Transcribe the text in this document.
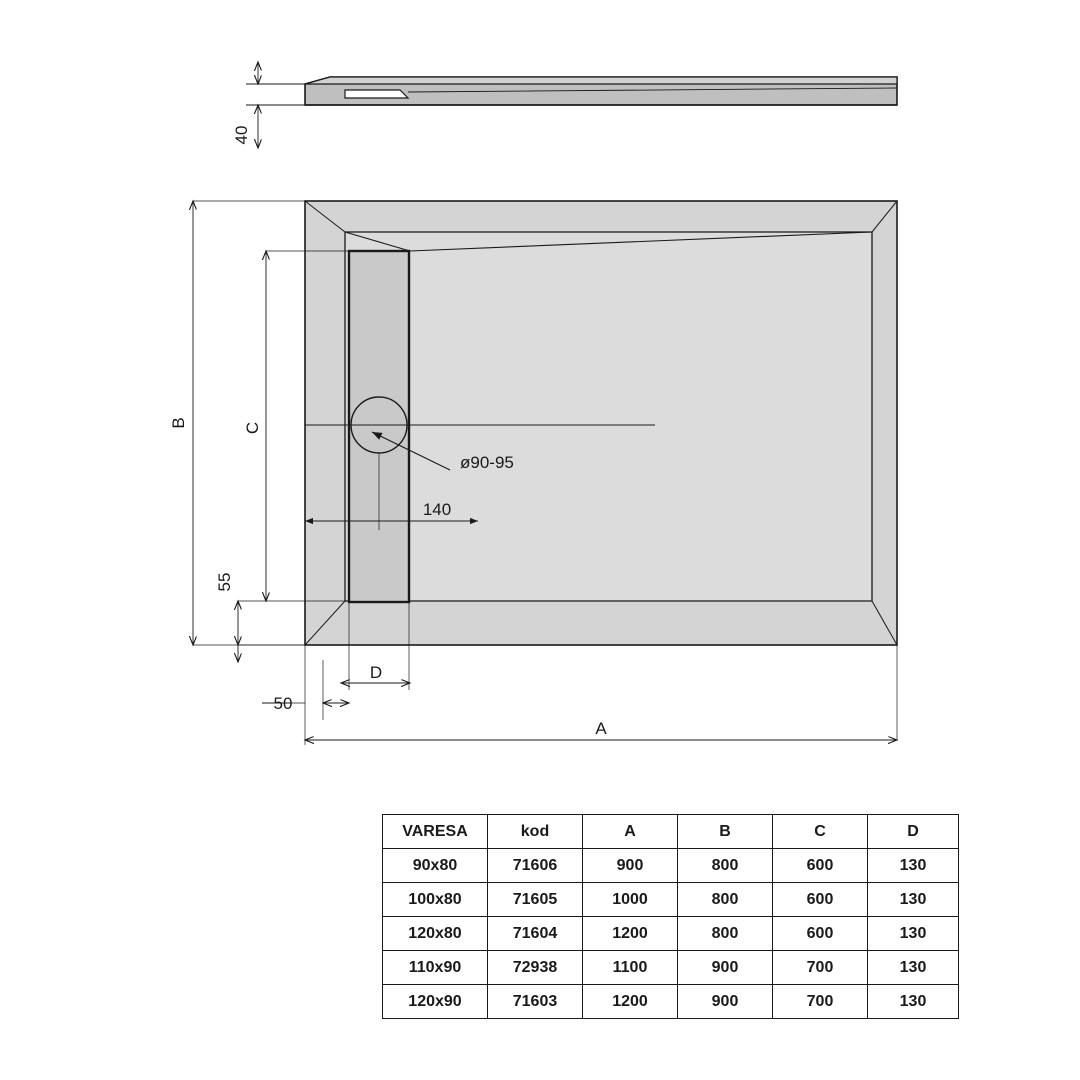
40
ø90-95
B	C
55
140
50
D
A
VARESA	kod	A	B	C	D
90x80	71606	900	800	600	130
100x80	71605	1000	800	600	130
120x80	71604	1200	800	600	130
110x90	72938	1100	900	700	130
120x90	71603	1200	900	700	130
